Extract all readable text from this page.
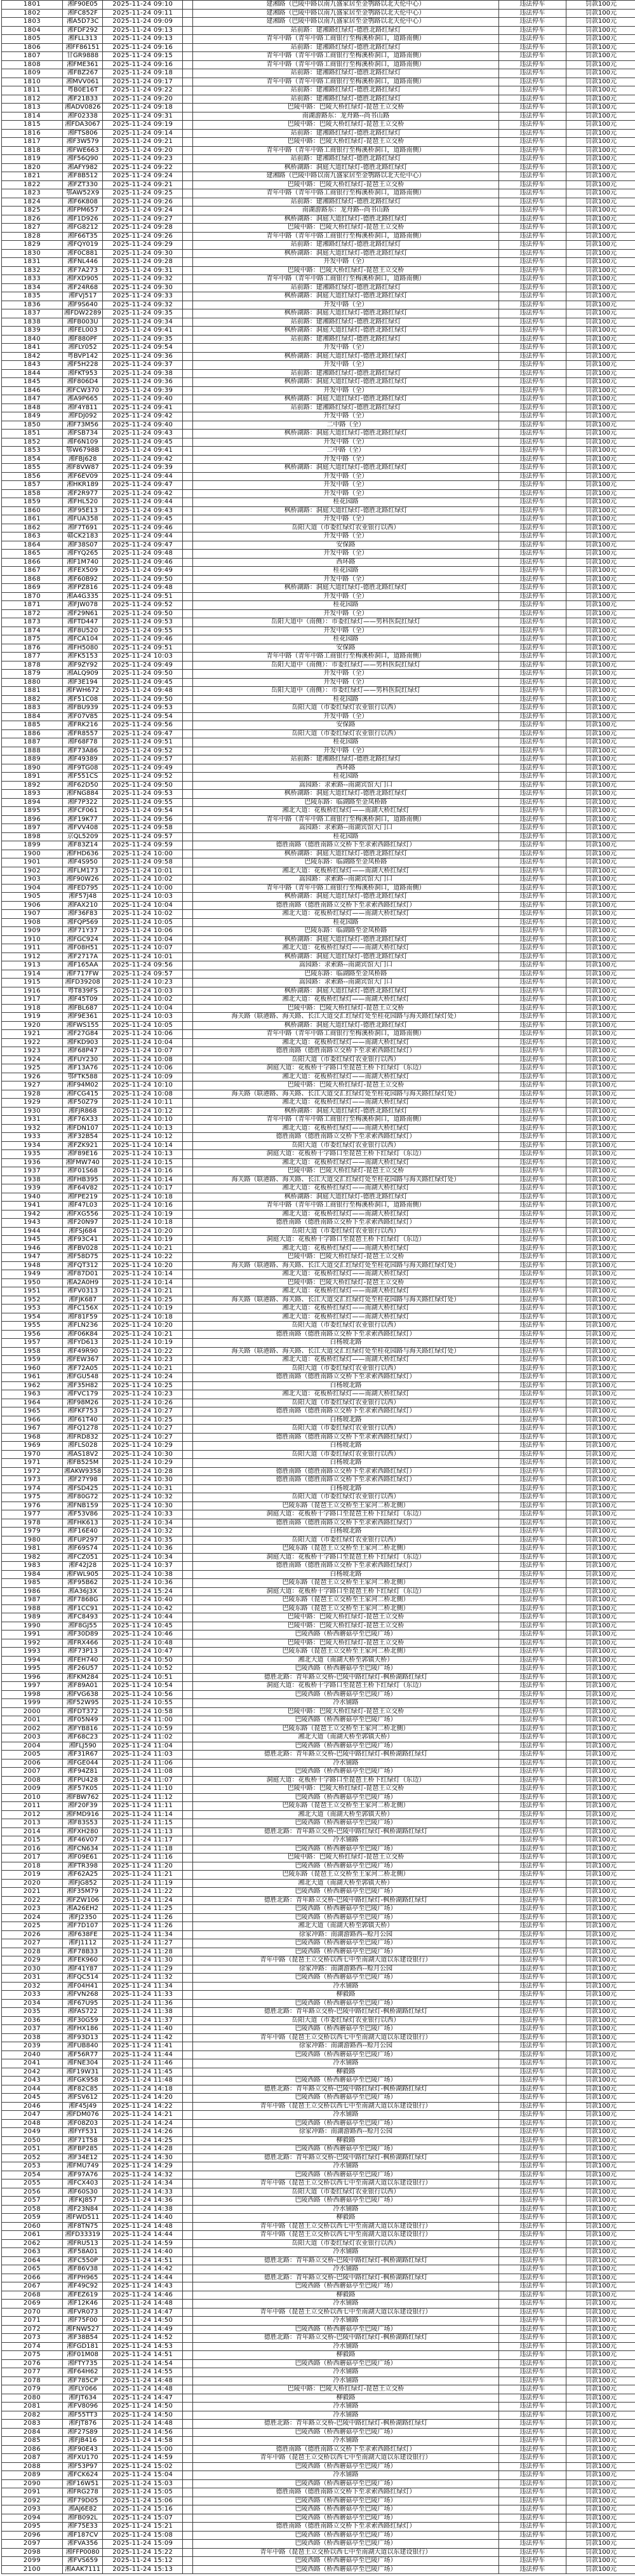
1801	湘F90E05	2025-11-24 09:10		建湘路（巴陵中路以南九盛家居至金鹗路以北天伦中心）	违法停车	罚款100元
1802	湘FC852F	2025-11-24 09:11		建湘路（巴陵中路以南九盛家居至金鹗路以北天伦中心）	违法停车	罚款100元
1803	湘A5D73C	2025-11-24 09:09		建湘路（巴陵中路以南九盛家居至金鹗路以北天伦中心）	违法停车	罚款100元
1804	湘FDF292	2025-11-24 09:13		站前路：建湘路红绿灯-德胜北路红绿灯	违法停车	罚款100元
1805	湘FLL313	2025-11-24 09:13		青年中路（青年中路工商银行至梅溪桥洞口，道路南侧）	违法停车	罚款100元
1806	湘FF86151	2025-11-24 09:16		站前路：建湘路红绿灯-德胜北路红绿灯	违法停车	罚款100元
1807	甘GR9888	2025-11-24 09:15		青年中路（青年中路工商银行至梅溪桥洞口，道路南侧）	违法停车	罚款100元
1808	湘FME361	2025-11-24 09:16		青年中路（青年中路工商银行至梅溪桥洞口，道路南侧）	违法停车	罚款100元
1809	湘FBZ267	2025-11-24 09:18		站前路：建湘路红绿灯-德胜北路红绿灯	违法停车	罚款100元
1810	湘MVV061	2025-11-24 09:17		青年中路（青年中路工商银行至梅溪桥洞口，道路南侧）	违法停车	罚款100元
1811	粤B0E16T	2025-11-24 09:22		站前路：建湘路红绿灯-德胜北路红绿灯	违法停车	罚款100元
1812	湘F21B33	2025-11-24 09:20		站前路：建湘路红绿灯-德胜北路红绿灯	违法停车	罚款100元
1813	湘ADV0826	2025-11-24 09:18		巴陵中路：巴陵大桥红绿灯-琵琶王立交桥	违法停车	罚款100元
1814	湘F02338	2025-11-24 09:31		南湖游路东：龙舟路--尚书山路	违法停车	罚款100元
1815	湘FDA3067	2025-11-24 09:19		巴陵中路：巴陵大桥红绿灯-琵琶王立交桥	违法停车	罚款100元
1816	湘FTS806	2025-11-24 09:14		站前路：建湘路红绿灯-德胜北路红绿灯	违法停车	罚款100元
1817	湘F3W579	2025-11-24 09:21		巴陵中路：巴陵大桥红绿灯-琵琶王立交桥	违法停车	罚款100元
1818	湘FWE663	2025-11-24 09:20		青年中路（青年中路工商银行至梅溪桥洞口，道路南侧）	违法停车	罚款100元
1819	湘F56Q90	2025-11-24 09:23		站前路：建湘路红绿灯-德胜北路红绿灯	违法停车	罚款100元
1820	湘AFY982	2025-11-24 09:22		枫桥湖路：洞庭大道红绿灯-德胜北路红绿灯	违法停车	罚款100元
1821	湘F8B512	2025-11-24 09:24		建湘路（巴陵中路以南九盛家居至金鹗路以北天伦中心）	违法停车	罚款100元
1822	湘FZT330	2025-11-24 09:21		巴陵中路：巴陵大桥红绿灯-琵琶王立交桥	违法停车	罚款100元
1823	鄂AW52X9	2025-11-24 09:25		青年中路（青年中路工商银行至梅溪桥洞口，道路南侧）	违法停车	罚款100元
1824	湘F6K808	2025-11-24 09:26		站前路：建湘路红绿灯-德胜北路红绿灯	违法停车	罚款100元
1825	湘FPM657	2025-11-24 09:24		南湖游路东：龙舟路--尚书山路	违法停车	罚款100元
1826	湘F1D926	2025-11-24 09:27		枫桥湖路：洞庭大道红绿灯-德胜北路红绿灯	违法停车	罚款100元
1827	湘FG8212	2025-11-24 09:28		巴陵中路：巴陵大桥红绿灯-琵琶王立交桥	违法停车	罚款100元
1828	湘F66T35	2025-11-24 09:26		青年中路（青年中路工商银行至梅溪桥洞口，道路南侧）	违法停车	罚款100元
1829	湘FQY019	2025-11-24 09:29		站前路：建湘路红绿灯-德胜北路红绿灯	违法停车	罚款100元
1830	湘F0C881	2025-11-24 09:30		枫桥湖路：洞庭大道红绿灯-德胜北路红绿灯	违法停车	罚款100元
1831	湘FNL446	2025-11-24 09:28		开发中路（全）	违法停车	罚款100元
1832	湘F7A273	2025-11-24 09:31		巴陵中路：巴陵大桥红绿灯-琵琶王立交桥	违法停车	罚款100元
1833	湘FXD905	2025-11-24 09:32		青年中路（青年中路工商银行至梅溪桥洞口，道路南侧）	违法停车	罚款100元
1834	湘F24R68	2025-11-24 09:30		站前路：建湘路红绿灯-德胜北路红绿灯	违法停车	罚款100元
1835	湘FVJ517	2025-11-24 09:33		枫桥湖路：洞庭大道红绿灯-德胜北路红绿灯	违法停车	罚款100元
1836	湘F9S640	2025-11-24 09:32		开发中路（全）	违法停车	罚款100元
1837	湘FDW2289	2025-11-24 09:35		枫桥湖路：洞庭大道红绿灯-德胜北路红绿灯	违法停车	罚款100元
1838	湘FB003U	2025-11-24 09:34		站前路：建湘路红绿灯-德胜北路红绿灯	违法停车	罚款100元
1839	湘FEL003	2025-11-24 09:41		枫桥湖路：洞庭大道红绿灯-德胜北路红绿灯	违法停车	罚款100元
1840	湘F880PF	2025-11-24 09:35		站前路：建湘路红绿灯-德胜北路红绿灯	违法停车	罚款100元
1841	湘FLY052	2025-11-24 09:54		开发中路（全）	违法停车	罚款100元
1842	粤BVP142	2025-11-24 09:36		枫桥湖路：洞庭大道红绿灯-德胜北路红绿灯	违法停车	罚款100元
1843	湘F5H228	2025-11-24 09:37		开发中路（全）	违法停车	罚款100元
1844	湘FKT953	2025-11-24 09:38		站前路：建湘路红绿灯-德胜北路红绿灯	违法停车	罚款100元
1845	湘F806D4	2025-11-24 09:36		枫桥湖路：洞庭大道红绿灯-德胜北路红绿灯	违法停车	罚款100元
1846	湘FCW370	2025-11-24 09:39		开发中路（全）	违法停车	罚款100元
1847	湘A9P665	2025-11-24 09:40		枫桥湖路：洞庭大道红绿灯-德胜北路红绿灯	违法停车	罚款100元
1848	湘F4Y811	2025-11-24 09:41		站前路：建湘路红绿灯-德胜北路红绿灯	违法停车	罚款100元
1849	湘FDJ092	2025-11-24 09:42		开发中路（全）	违法停车	罚款100元
1850	湘F73M56	2025-11-24 09:40		二中路（全）	违法停车	罚款100元
1851	湘FSB734	2025-11-24 09:43		枫桥湖路：洞庭大道红绿灯-德胜北路红绿灯	违法停车	罚款100元
1852	湘F6N109	2025-11-24 09:45		开发中路（全）	违法停车	罚款100元
1853	鄂W6798B	2025-11-24 09:41		二中路（全）	违法停车	罚款100元
1854	湘FBJ628	2025-11-24 09:42		开发中路（全）	违法停车	罚款100元
1855	湘F8VW87	2025-11-24 09:39		枫桥湖路：洞庭大道红绿灯-德胜北路红绿灯	违法停车	罚款100元
1856	湘F6EV09	2025-11-24 09:44		开发中路（全）	违法停车	罚款100元
1857	湘HKR189	2025-11-24 09:47		开发中路（全）	违法停车	罚款100元
1858	湘F2R977	2025-11-24 09:42		开发中路（全）	违法停车	罚款100元
1859	湘FHL520	2025-11-24 09:44		桂花园路	违法停车	罚款100元
1860	湘F95E13	2025-11-24 09:43		枫桥湖路：洞庭大道红绿灯-德胜北路红绿灯	违法停车	罚款100元
1861	湘FUA358	2025-11-24 09:45		开发中路（全）	违法停车	罚款100元
1862	湘F7T691	2025-11-24 09:46		岳阳大道（市委红绿灯农业银行以西）	违法停车	罚款100元
1863	赣CK2183	2025-11-24 09:44		开发中路（全）	违法停车	罚款100元
1864	湘F38S07	2025-11-24 09:47		安保路	违法停车	罚款100元
1865	湘FYQ265	2025-11-24 09:48		开发中路（全）	违法停车	罚款100元
1866	湘F1M740	2025-11-24 09:46		西环路	违法停车	罚款100元
1867	湘FEX509	2025-11-24 09:49		桂花园路	违法停车	罚款100元
1868	湘F60B92	2025-11-24 09:50		开发中路（全）	违法停车	罚款100元
1869	湘FPZ816	2025-11-24 09:48		枫桥湖路：洞庭大道红绿灯-德胜北路红绿灯	违法停车	罚款100元
1870	湘A4G335	2025-11-24 09:51		开发中路（全）	违法停车	罚款100元
1871	湘FJW078	2025-11-24 09:52		桂花园路	违法停车	罚款100元
1872	湘F29N61	2025-11-24 09:50		开发中路（全）	违法停车	罚款100元
1873	湘FTD447	2025-11-24 09:53		岳阳大道中（南侧）：市委红绿灯——男科医院红绿灯	违法停车	罚款100元
1874	湘F8U520	2025-11-24 09:55		开发中路（全）	违法停车	罚款100元
1875	湘FCA104	2025-11-24 09:46		桂花园路	违法停车	罚款100元
1876	湘FH5080	2025-11-24 09:51		安保路	违法停车	罚款100元
1877	湘FK5153	2025-11-24 10:03		青年中路（青年中路工商银行至梅溪桥洞口，道路南侧）	违法停车	罚款100元
1878	湘F9ZY92	2025-11-24 09:49		岳阳大道中（南侧）：市委红绿灯——男科医院红绿灯	违法停车	罚款100元
1879	湘ALQ909	2025-11-24 09:50		开发中路（全）	违法停车	罚款100元
1880	湘F3E194	2025-11-24 09:45		开发中路（全）	违法停车	罚款100元
1881	湘FWH672	2025-11-24 09:48		岳阳大道中（南侧）：市委红绿灯——男科医院红绿灯	违法停车	罚款100元
1882	湘F51C08	2025-11-24 09:50		桂花园路	违法停车	罚款100元
1883	湘FBU939	2025-11-24 09:53		岳阳大道（市委红绿灯农业银行以西）	违法停车	罚款100元
1884	湘F07V85	2025-11-24 09:54		开发中路（全）	违法停车	罚款100元
1885	湘FRK216	2025-11-24 09:56		安保路	违法停车	罚款100元
1886	湘FR8557	2025-11-24 09:47		岳阳大道（市委红绿灯农业银行以西）	违法停车	罚款100元
1887	湘F68F78	2025-11-24 09:51		桂花园路	违法停车	罚款100元
1888	湘F73A86	2025-11-24 09:52		开发中路（全）	违法停车	罚款100元
1889	湘F49389	2025-11-24 09:57		站前路：建湘路红绿灯-德胜北路红绿灯	违法停车	罚款100元
1890	湘F9TG08	2025-11-24 09:49		西环路	违法停车	罚款100元
1891	湘F551CS	2025-11-24 09:52		桂花园路	违法停车	罚款100元
1892	湘F62D50	2025-11-24 09:50		嵩园路：求索路--南湖宾馆大门口	违法停车	罚款100元
1893	湘FNG884	2025-11-24 09:53		枫桥湖路：洞庭大道红绿灯-德胜北路红绿灯	违法停车	罚款100元
1894	湘F7P322	2025-11-24 09:55		巴陵东路：临湖路至金凤桥路	违法停车	罚款100元
1895	湘FCF061	2025-11-24 09:54		湘北大道：花板桥红绿灯——南湖大桥红绿灯	违法停车	罚款100元
1896	湘F19K77	2025-11-24 09:56		青年中路（青年中路工商银行至梅溪桥洞口，道路南侧）	违法停车	罚款100元
1897	湘FVV408	2025-11-24 09:58		嵩园路：求索路--南湖宾馆大门口	违法停车	罚款100元
1898	京QL5209	2025-11-24 09:57		桂花园路	违法停车	罚款100元
1899	湘F83Z14	2025-11-24 09:59		德胜南路（德胜南路立交桥下至求索西路红绿灯）	违法停车	罚款100元
1900	湘FHD636	2025-11-24 10:00		枫桥湖路：洞庭大道红绿灯-德胜北路红绿灯	违法停车	罚款100元
1901	湘F4S950	2025-11-24 09:58		巴陵东路：临湖路至金凤桥路	违法停车	罚款100元
1902	湘FLM173	2025-11-24 10:01		湘北大道：花板桥红绿灯——南湖大桥红绿灯	违法停车	罚款100元
1903	湘F90W26	2025-11-24 10:02		嵩园路：求索路--南湖宾馆大门口	违法停车	罚款100元
1904	湘FED795	2025-11-24 10:00		青年中路（青年中路工商银行至梅溪桥洞口，道路南侧）	违法停车	罚款100元
1905	湘F57J48	2025-11-24 10:03		枫桥湖路：洞庭大道红绿灯-德胜北路红绿灯	违法停车	罚款100元
1906	湘FAX210	2025-11-24 10:04		德胜南路（德胜南路立交桥下至求索西路红绿灯）	违法停车	罚款100元
1907	湘F36F83	2025-11-24 10:02		湘北大道：花板桥红绿灯——南湖大桥红绿灯	违法停车	罚款100元
1908	湘FQP569	2025-11-24 10:05		桂花园路	违法停车	罚款100元
1909	湘F71Y37	2025-11-24 10:06		巴陵东路：临湖路至金凤桥路	违法停车	罚款100元
1910	湘FGC924	2025-11-24 10:04		枫桥湖路：洞庭大道红绿灯-德胜北路红绿灯	违法停车	罚款100元
1911	湘F08H51	2025-11-24 10:07		湘北大道：花板桥红绿灯——南湖大桥红绿灯	违法停车	罚款100元
1912	湘F2717A	2025-11-24 10:01		枫桥湖路：洞庭大道红绿灯-德胜北路红绿灯	违法停车	罚款100元
1913	湘F165AA	2025-11-24 09:56		嵩园路：求索路--南湖宾馆大门口	违法停车	罚款100元
1914	湘F717FW	2025-11-24 09:57		巴陵东路：临湖路至金凤桥路	违法停车	罚款100元
1915	湘FD39208	2025-11-24 10:23		嵩园路：求索路--南湖宾馆大门口	违法停车	罚款100元
1916	粤T839FS	2025-11-24 10:03		枫桥湖路：洞庭大道红绿灯-德胜北路红绿灯	违法停车	罚款100元
1917	湘F45T09	2025-11-24 10:02		湘北大道：花板桥红绿灯——南湖大桥红绿灯	违法停车	罚款100元
1918	湘FBL687	2025-11-24 10:04		巴陵中路：巴陵大桥红绿灯-琵琶王立交桥	违法停车	罚款100元
1919	湘F9E361	2025-11-24 10:03		海关路（联港路、海关路、长江大道交汇红绿灯处至桂花园路与海关路红绿灯处）	违法停车	罚款100元
1920	湘FWS155	2025-11-24 10:05		枫桥湖路：洞庭大道红绿灯-德胜北路红绿灯	违法停车	罚款100元
1921	湘F27G84	2025-11-24 10:06		青年中路（青年中路工商银行至梅溪桥洞口，道路南侧）	违法停车	罚款100元
1922	湘FKD903	2025-11-24 10:04		湘北大道：花板桥红绿灯——南湖大桥红绿灯	违法停车	罚款100元
1923	湘F68P47	2025-11-24 10:07		德胜南路（德胜南路立交桥下至求索西路红绿灯）	违法停车	罚款100元
1924	湘FUY230	2025-11-24 10:08		岳阳大道（市委红绿灯农业银行以西）	违法停车	罚款100元
1925	湘F13A76	2025-11-24 10:06		洞庭大道：花板桥十字路口至琵琶王桥下红绿灯（东边）	违法停车	罚款100元
1926	鄂FTK588	2025-11-24 10:09		湘北大道：花板桥红绿灯——南湖大桥红绿灯	违法停车	罚款100元
1927	湘F94M02	2025-11-24 10:10		巴陵中路：巴陵大桥红绿灯-琵琶王立交桥	违法停车	罚款100元
1928	湘FCG415	2025-11-24 10:08		海关路（联港路、海关路、长江大道交汇红绿灯处至桂花园路与海关路红绿灯处）	违法停车	罚款100元
1929	湘F50Z79	2025-11-24 10:11		湘北大道：花板桥红绿灯——南湖大桥红绿灯	违法停车	罚款100元
1930	湘FJR868	2025-11-24 10:12		枫桥湖路：洞庭大道红绿灯-德胜北路红绿灯	违法停车	罚款100元
1931	湘F76X33	2025-11-24 10:10		青年中路（青年中路工商银行至梅溪桥洞口，道路南侧）	违法停车	罚款100元
1932	湘FDN107	2025-11-24 10:13		湘北大道：花板桥红绿灯——南湖大桥红绿灯	违法停车	罚款100元
1933	湘F32B54	2025-11-24 10:12		德胜南路（德胜南路立交桥下至求索西路红绿灯）	违法停车	罚款100元
1934	湘FZK921	2025-11-24 10:14		岳阳大道（市委红绿灯农业银行以西）	违法停车	罚款100元
1935	湘F89E16	2025-11-24 10:13		洞庭大道：花板桥十字路口至琵琶王桥下红绿灯（东边）	违法停车	罚款100元
1936	湘FMW740	2025-11-24 10:15		湘北大道：花板桥红绿灯——南湖大桥红绿灯	违法停车	罚款100元
1937	湘F01S68	2025-11-24 10:16		巴陵中路：巴陵大桥红绿灯-琵琶王立交桥	违法停车	罚款100元
1938	湘FHB395	2025-11-24 10:14		海关路（联港路、海关路、长江大道交汇红绿灯处至桂花园路与海关路红绿灯处）	违法停车	罚款100元
1939	湘F64V82	2025-11-24 10:17		湘北大道：花板桥红绿灯——南湖大桥红绿灯	违法停车	罚款100元
1940	湘FPE219	2025-11-24 10:18		枫桥湖路：洞庭大道红绿灯-德胜北路红绿灯	违法停车	罚款100元
1941	湘F47L03	2025-11-24 10:16		青年中路（青年中路工商银行至梅溪桥洞口，道路南侧）	违法停车	罚款100元
1942	湘FXG556	2025-11-24 10:19		湘北大道：花板桥红绿灯——南湖大桥红绿灯	违法停车	罚款100元
1943	湘F20N97	2025-11-24 10:18		德胜南路（德胜南路立交桥下至求索西路红绿灯）	违法停车	罚款100元
1944	湘FSJ684	2025-11-24 10:20		岳阳大道（市委红绿灯农业银行以西）	违法停车	罚款100元
1945	湘F93C41	2025-11-24 10:19		洞庭大道：花板桥十字路口至琵琶王桥下红绿灯（东边）	违法停车	罚款100元
1946	湘FBV028	2025-11-24 10:21		湘北大道：花板桥红绿灯——南湖大桥红绿灯	违法停车	罚款100元
1947	湘F58D75	2025-11-24 10:22		巴陵中路：巴陵大桥红绿灯-琵琶王立交桥	违法停车	罚款100元
1948	湘FQT312	2025-11-24 10:20		海关路（联港路、海关路、长江大道交汇红绿灯处至桂花园路与海关路红绿灯处）	违法停车	罚款100元
1949	湘F87D01	2025-11-24 10:14		湘北大道：花板桥红绿灯——南湖大桥红绿灯	违法停车	罚款100元
1950	湘A2A0H9	2025-11-24 10:14		巴陵中路：巴陵大桥红绿灯-琵琶王立交桥	违法停车	罚款100元
1951	湘FV0313	2025-11-24 10:21		湘北大道：花板桥红绿灯——南湖大桥红绿灯	违法停车	罚款100元
1952	湘FJK687	2025-11-24 10:25		海关路（联港路、海关路、长江大道交汇红绿灯处至桂花园路与海关路红绿灯处）	违法停车	罚款100元
1953	湘FC156X	2025-11-24 10:19		湘北大道：花板桥红绿灯——南湖大桥红绿灯	违法停车	罚款100元
1954	湘F81F59	2025-11-24 10:18		湘北大道：花板桥红绿灯——南湖大桥红绿灯	违法停车	罚款100元
1955	湘FLN236	2025-11-24 10:20		岳阳大道（市委红绿灯农业银行以西）	违法停车	罚款100元
1956	湘F06K84	2025-11-24 10:21		德胜南路（德胜南路立交桥下至求索西路红绿灯）	违法停车	罚款100元
1957	湘FYD613	2025-11-24 10:19		白杨坡北路	违法停车	罚款100元
1958	湘F49R90	2025-11-24 10:22		海关路（联港路、海关路、长江大道交汇红绿灯处至桂花园路与海关路红绿灯处）	违法停车	罚款100元
1959	湘FEW367	2025-11-24 10:23		湘北大道：花板桥红绿灯——南湖大桥红绿灯	违法停车	罚款100元
1960	湘F72A05	2025-11-24 10:21		岳阳大道（市委红绿灯农业银行以西）	违法停车	罚款100元
1961	湘FGU548	2025-11-24 10:24		德胜南路（德胜南路立交桥下至求索西路红绿灯）	违法停车	罚款100元
1962	湘F35H82	2025-11-24 10:25		白杨坡北路	违法停车	罚款100元
1963	湘FVC179	2025-11-24 10:23		湘北大道：花板桥红绿灯——南湖大桥红绿灯	违法停车	罚款100元
1964	湘F98M26	2025-11-24 10:26		岳阳大道（市委红绿灯农业银行以西）	违法停车	罚款100元
1965	湘FKF753	2025-11-24 10:27		德胜南路（德胜南路立交桥下至求索西路红绿灯）	违法停车	罚款100元
1966	湘F61T40	2025-11-24 10:25		白杨坡北路	违法停车	罚款100元
1967	湘FQ1278	2025-11-24 10:27		岳阳大道（市委红绿灯农业银行以西）	违法停车	罚款100元
1968	湘FRD832	2025-11-24 10:27		德胜南路（德胜南路立交桥下至求索西路红绿灯）	违法停车	罚款100元
1969	湘FLS028	2025-11-24 10:29		白杨坡北路	违法停车	罚款100元
1970	湘AS18V2	2025-11-24 10:30		岳阳大道（市委红绿灯农业银行以西）	违法停车	罚款100元
1971	湘FB525M	2025-11-24 10:29		白杨坡北路	违法停车	罚款100元
1972	湘AKW9358	2025-11-24 10:28		德胜南路（德胜南路立交桥下至求索西路红绿灯）	违法停车	罚款100元
1973	湘F27Y98	2025-11-24 10:30		德胜南路（德胜南路立交桥下至求索西路红绿灯）	违法停车	罚款100元
1974	湘FSD425	2025-11-24 10:31		白杨坡北路	违法停车	罚款100元
1975	湘F80G72	2025-11-24 10:32		岳阳大道（市委红绿灯农业银行以西）	违法停车	罚款100元
1976	湘FNB159	2025-11-24 10:30		巴陵东路（琵琶王立交桥至王家河二桥北侧）	违法停车	罚款100元
1977	湘F53V86	2025-11-24 10:33		洞庭大道：花板桥十字路口至琵琶王桥下红绿灯（东边）	违法停车	罚款100元
1978	湘FHK613	2025-11-24 10:34		德胜南路（德胜南路立交桥下至求索西路红绿灯）	违法停车	罚款100元
1979	湘F16E40	2025-11-24 10:32		白杨坡北路	违法停车	罚款100元
1980	湘FUP297	2025-11-24 10:35		岳阳大道（市委红绿灯农业银行以西）	违法停车	罚款100元
1981	湘F69S74	2025-11-24 10:36		巴陵东路（琵琶王立交桥至王家河二桥北侧）	违法停车	罚款100元
1982	湘FCZ051	2025-11-24 10:34		洞庭大道：花板桥十字路口至琵琶王桥下红绿灯（东边）	违法停车	罚款100元
1983	湘F42J28	2025-11-24 10:37		德胜南路（德胜南路立交桥下至求索西路红绿灯）	违法停车	罚款100元
1984	湘FWL905	2025-11-24 10:38		白杨坡北路	违法停车	罚款100元
1985	湘F95B62	2025-11-24 10:36		巴陵东路（琵琶王立交桥至王家河二桥北侧）	违法停车	罚款100元
1986	湘A36J3X	2025-11-24 15:24		洞庭大道：花板桥十字路口至琵琶王桥下红绿灯（东边）	违法停车	罚款100元
1987	湘F7868G	2025-11-24 10:40		巴陵东路（琵琶王立交桥至王家河二桥北侧）	违法停车	罚款100元
1988	湘F1CC91	2025-11-24 10:42		巴陵东路（琵琶王立交桥至王家河二桥北侧）	违法停车	罚款100元
1989	湘FC8493	2025-11-24 10:44		巴陵中路：巴陵大桥红绿灯-琵琶王立交桥	违法停车	罚款100元
1990	湘F8GJ55	2025-11-24 10:45		巴陵中路：巴陵大桥红绿灯-琵琶王立交桥	违法停车	罚款100元
1991	湘F30D89	2025-11-24 10:46		巴陵西路（桥西蘑菇亭至巴陵广场）	违法停车	罚款100元
1992	湘FRX466	2025-11-24 10:48		巴陵中路：巴陵大桥红绿灯-琵琶王立交桥	违法停车	罚款100元
1993	湘F73P13	2025-11-24 10:47		巴陵东路（琵琶王立交桥至王家河二桥北侧）	违法停车	罚款100元
1994	湘FEH740	2025-11-24 10:50		湘北大道（南湖大桥至郭镇天桥）	违法停车	罚款100元
1995	湘F26U57	2025-11-24 10:52		巴陵西路（桥西蘑菇亭至巴陵广场）	违法停车	罚款100元
1996	湘FKM284	2025-11-24 10:51		德胜北路：青年路立交桥-巴陵中路红绿灯-枫桥湖路红绿灯	违法停车	罚款100元
1997	湘F89A01	2025-11-24 10:54		洞庭大道：花板桥十字路口至琵琶王桥下红绿灯（东边）	违法停车	罚款100元
1998	湘FVG638	2025-11-24 10:56		巴陵西路（桥西蘑菇亭至巴陵广场）	违法停车	罚款100元
1999	湘F52W95	2025-11-24 10:55		冷水铺路	违法停车	罚款100元
2000	湘FDT372	2025-11-24 10:58		巴陵中路：巴陵大桥红绿灯-琵琶王立交桥	违法停车	罚款100元
2001	湘F05N49	2025-11-24 11:00		巴陵西路（桥西蘑菇亭至巴陵广场）	违法停车	罚款100元
2002	湘FYB816	2025-11-24 10:59		巴陵东路（琵琶王立交桥至王家河二桥北侧）	违法停车	罚款100元
2003	湘F68C23	2025-11-24 11:02		湘北大道（南湖大桥至郭镇天桥）	违法停车	罚款100元
2004	湘FLJ590	2025-11-24 11:04		巴陵西路（桥西蘑菇亭至巴陵广场）	违法停车	罚款100元
2005	湘F31R67	2025-11-24 11:03		德胜北路：青年路立交桥-巴陵中路红绿灯-枫桥湖路红绿灯	违法停车	罚款100元
2006	湘FGE044	2025-11-24 11:06		冷水铺路	违法停车	罚款100元
2007	湘F94Z81	2025-11-24 11:08		巴陵西路（桥西蘑菇亭至巴陵广场）	违法停车	罚款100元
2008	湘FPU428	2025-11-24 11:07		洞庭大道：花板桥十字路口至琵琶王桥下红绿灯（东边）	违法停车	罚款100元
2009	湘F57K05	2025-11-24 11:10		巴陵中路：巴陵大桥红绿灯-琵琶王立交桥	违法停车	罚款100元
2010	湘FBW762	2025-11-24 11:12		巴陵西路（桥西蘑菇亭至巴陵广场）	违法停车	罚款100元
2011	湘F20F39	2025-11-24 11:11		巴陵东路（琵琶王立交桥至王家河二桥北侧）	违法停车	罚款100元
2012	湘FMD916	2025-11-24 11:14		湘北大道（南湖大桥至郭镇天桥）	违法停车	罚款100元
2013	湘F83S53	2025-11-24 11:15		巴陵西路（桥西蘑菇亭至巴陵广场）	违法停车	罚款100元
2014	湘FXH280	2025-11-24 11:13		德胜北路：青年路立交桥-巴陵中路红绿灯-枫桥湖路红绿灯	违法停车	罚款100元
2015	湘F46V07	2025-11-24 11:17		冷水铺路	违法停车	罚款100元
2016	湘FCN634	2025-11-24 11:18		巴陵西路（桥西蘑菇亭至巴陵广场）	违法停车	罚款100元
2017	湘F09E61	2025-11-24 11:16		巴陵中路：巴陵大桥红绿灯-琵琶王立交桥	违法停车	罚款100元
2018	湘FTR398	2025-11-24 11:20		巴陵西路（桥西蘑菇亭至巴陵广场）	违法停车	罚款100元
2019	湘F62A25	2025-11-24 11:21		巴陵东路（琵琶王立交桥至王家河二桥北侧）	违法停车	罚款100元
2020	湘FJG852	2025-11-24 11:19		湘北大道（南湖大桥至郭镇天桥）	违法停车	罚款100元
2021	湘F35M79	2025-11-24 11:22		巴陵西路（桥西蘑菇亭至巴陵广场）	违法停车	罚款100元
2022	湘FZW106	2025-11-24 11:24		德胜北路：青年路立交桥-巴陵中路红绿灯-枫桥湖路红绿灯	违法停车	罚款100元
2023	湘A26EH2	2025-11-24 11:25		巴陵西路（桥西蘑菇亭至巴陵广场）	违法停车	罚款100元
2024	湘FJ2350	2025-11-24 11:26		巴陵西路（桥西蘑菇亭至巴陵广场）	违法停车	罚款100元
2025	湘F7D107	2025-11-24 11:26		湘北大道（南湖大桥至郭镇天桥）	违法停车	罚款100元
2026	湘F638FE	2025-11-24 11:34		徐家冲路：南湖游路西--赊月公园	违法停车	罚款100元
2027	湘FJ1112	2025-11-24 11:27		巴陵西路（桥西蘑菇亭至巴陵广场）	违法停车	罚款100元
2028	湘F78B33	2025-11-24 11:28		巴陵西路（桥西蘑菇亭至巴陵广场）	违法停车	罚款100元
2029	湘FEK960	2025-11-24 11:30		青年中路（琵琶王立交桥以西七中至南湖大道以东建设银行）	违法停车	罚款100元
2030	湘F41Y87	2025-11-24 11:29		徐家冲路：南湖游路西--赊月公园	违法停车	罚款100元
2031	湘FQC514	2025-11-24 11:32		巴陵西路（桥西蘑菇亭至巴陵广场）	违法停车	罚款100元
2032	湘F04H41	2025-11-24 11:34		冷水铺路	违法停车	罚款100元
2033	湘FVN268	2025-11-24 11:33		柳毅路	违法停车	罚款100元
2034	湘F67U95	2025-11-24 11:36		巴陵西路（桥西蘑菇亭至巴陵广场）	违法停车	罚款100元
2035	湘FAS722	2025-11-24 11:38		德胜北路：青年路立交桥-巴陵中路红绿灯-枫桥湖路红绿灯	违法停车	罚款100元
2036	湘F30G59	2025-11-24 11:37		岳阳大道（市委红绿灯农业银行以西）	违法停车	罚款100元
2037	湘FHX186	2025-11-24 11:40		巴陵西路（桥西蘑菇亭至巴陵广场）	违法停车	罚款100元
2038	湘F93D13	2025-11-24 11:42		青年中路（琵琶王立交桥以西七中至南湖大道以东建设银行）	违法停车	罚款100元
2039	湘FUB840	2025-11-24 11:41		徐家冲路：南湖游路西--赊月公园	违法停车	罚款100元
2040	湘F56R77	2025-11-24 11:44		巴陵西路（桥西蘑菇亭至巴陵广场）	违法停车	罚款100元
2041	湘FNE304	2025-11-24 11:46		冷水铺路	违法停车	罚款100元
2042	湘F19W31	2025-11-24 11:45		柳毅路	违法停车	罚款100元
2043	湘FGK958	2025-11-24 11:48		巴陵西路（桥西蘑菇亭至巴陵广场）	违法停车	罚款100元
2044	湘F82C85	2025-11-24 14:18		德胜北路：青年路立交桥-巴陵中路红绿灯-枫桥湖路红绿灯	违法停车	罚款100元
2045	湘FSV612	2025-11-24 14:20		巴陵西路（桥西蘑菇亭至巴陵广场）	违法停车	罚款100元
2046	湘F45J49	2025-11-24 14:22		青年中路（琵琶王立交桥以西七中至南湖大道以东建设银行）	违法停车	罚款100元
2047	湘FDM076	2025-11-24 14:21		冷水铺路	违法停车	罚款100元
2048	湘F08Z03	2025-11-24 14:24		巴陵西路（桥西蘑菇亭至巴陵广场）	违法停车	罚款100元
2049	湘FYF531	2025-11-24 14:26		徐家冲路：南湖游路西--赊月公园	违法停车	罚款100元
2050	湘F71T58	2025-11-24 14:25		柳毅路	违法停车	罚款100元
2051	湘FBP285	2025-11-24 14:28		巴陵西路（桥西蘑菇亭至巴陵广场）	违法停车	罚款100元
2052	湘F34E12	2025-11-24 14:30		德胜北路：青年路立交桥-巴陵中路红绿灯-枫桥湖路红绿灯	违法停车	罚款100元
2053	湘FMU749	2025-11-24 14:29		冷水铺路	违法停车	罚款100元
2054	湘F97A76	2025-11-24 14:32		巴陵西路（桥西蘑菇亭至巴陵广场）	违法停车	罚款100元
2055	湘FCX403	2025-11-24 14:34		青年中路（琵琶王立交桥以西七中至南湖大道以东建设银行）	违法停车	罚款100元
2056	湘F60S30	2025-11-24 14:33		岳阳大道（市委红绿灯农业银行以西）	违法停车	罚款100元
2057	湘FKJ857	2025-11-24 14:36		巴陵西路（桥西蘑菇亭至巴陵广场）	违法停车	罚款100元
2058	湘F23N84	2025-11-24 14:38		冷水铺路	违法停车	罚款100元
2059	湘FWD511	2025-11-24 14:40		柳毅路	违法停车	罚款100元
2060	湘F8TN75	2025-11-24 14:48		青年中路（琵琶王立交桥以西七中至南湖大道以东建设银行）	违法停车	罚款100元
2061	湘FD33319	2025-11-24 14:44		青年中路（琵琶王立交桥以西七中至南湖大道以东建设银行）	违法停车	罚款100元
2062	湘FRU513	2025-11-24 14:59		岳阳大道（市委红绿灯农业银行以西）	违法停车	罚款100元
2063	湘F58A01	2025-11-24 14:40		冷水铺路	违法停车	罚款100元
2064	湘FC550P	2025-11-24 14:51		德胜北路：青年路立交桥-巴陵中路红绿灯-枫桥湖路红绿灯	违法停车	罚款100元
2065	湘F86V38	2025-11-24 14:42		冷水铺路	违法停车	罚款100元
2066	湘FPH965	2025-11-24 14:44		德胜北路：青年路立交桥-巴陵中路红绿灯-枫桥湖路红绿灯	违法停车	罚款100元
2067	湘F49C92	2025-11-24 14:43		巴陵西路（桥西蘑菇亭至巴陵广场）	违法停车	罚款100元
2068	湘FEZ619	2025-11-24 14:46		柳毅路	违法停车	罚款100元
2069	湘F12K46	2025-11-24 14:48		冷水铺路	违法停车	罚款100元
2070	湘FVR073	2025-11-24 14:47		青年中路（琵琶王立交桥以西七中至南湖大道以东建设银行）	违法停车	罚款100元
2071	湘F75F00	2025-11-24 14:50		冷水铺路	违法停车	罚款100元
2072	湘FNW527	2025-11-24 14:49		巴陵西路（桥西蘑菇亭至巴陵广场）	违法停车	罚款100元
2073	湘F38B54	2025-11-24 14:52		德胜北路：青年路立交桥-巴陵中路红绿灯-枫桥湖路红绿灯	违法停车	罚款100元
2074	湘FGD181	2025-11-24 14:53		冷水铺路	违法停车	罚款100元
2075	湘F01M08	2025-11-24 14:51		柳毅路	违法停车	罚款100元
2076	湘FTY735	2025-11-24 14:54		巴陵西路（桥西蘑菇亭至巴陵广场）	违法停车	罚款100元
2077	湘F64H62	2025-11-24 14:55		冷水铺路	违法停车	罚款100元
2078	湘F785CP	2025-11-24 14:48		冷水铺路	违法停车	罚款100元
2079	湘FLY066	2025-11-24 14:48		巴陵中路：巴陵大桥红绿灯-琵琶王立交桥	违法停车	罚款100元
2080	湘FJT634	2025-11-24 14:47		柳毅路	违法停车	罚款100元
2081	湘FV8096	2025-11-24 14:50		冷水铺路	违法停车	罚款100元
2082	湘F55TT3	2025-11-24 14:50		冷水铺路	违法停车	罚款100元
2083	湘FJT876	2025-11-24 14:48		德胜北路：青年路立交桥-巴陵中路红绿灯-枫桥湖路红绿灯	违法停车	罚款100元
2084	湘F27S89	2025-11-24 14:56		巴陵西路（桥西蘑菇亭至巴陵广场）	违法停车	罚款100元
2085	湘FJB416	2025-11-24 14:58		冷水铺路	违法停车	罚款100元
2086	湘F90E43	2025-11-24 15:00		德胜南路（德胜南路立交桥下至求索西路红绿灯）	违法停车	罚款100元
2087	湘FXU170	2025-11-24 14:59		青年中路（琵琶王立交桥以西七中至南湖大道以东建设银行）	违法停车	罚款100元
2088	湘F53P97	2025-11-24 15:02		巴陵西路（桥西蘑菇亭至巴陵广场）	违法停车	罚款100元
2089	湘FCK624	2025-11-24 15:04		冷水铺路	违法停车	罚款100元
2090	湘F16W51	2025-11-24 15:03		巴陵西路（桥西蘑菇亭至巴陵广场）	违法停车	罚款100元
2091	湘FRG278	2025-11-24 15:05		德胜南路（德胜南路立交桥下至求索西路红绿灯）	违法停车	罚款100元
2092	湘F79D05	2025-11-24 15:06		巴陵西路（桥西蘑菇亭至巴陵广场）	违法停车	罚款100元
2093	湘AJ6E82	2025-11-24 15:16		巴陵西路（桥西蘑菇亭至巴陵广场）	违法停车	罚款100元
2094	湘FB092L	2025-11-24 15:07		巴陵西路（桥西蘑菇亭至巴陵广场）	违法停车	罚款100元
2095	湘F75E33	2025-11-24 15:21		德胜南路（德胜南路立交桥下至求索西路红绿灯）	违法停车	罚款100元
2096	湘F187CV	2025-11-24 15:08		巴陵西路（桥西蘑菇亭至巴陵广场）	违法停车	罚款100元
2097	湘FVA356	2025-11-24 15:09		巴陵西路（桥西蘑菇亭至巴陵广场）	违法停车	罚款100元
2098	湘FFP0080	2025-11-24 15:22		青年中路（琵琶王立交桥以西七中至南湖大道以东建设银行）	违法停车	罚款100元
2099	湘FVS659	2025-11-24 15:12		巴陵西路（桥西蘑菇亭至巴陵广场）	违法停车	罚款100元
2100	湘AAK7111	2025-11-24 15:13		巴陵西路（桥西蘑菇亭至巴陵广场）	违法停车	罚款100元
